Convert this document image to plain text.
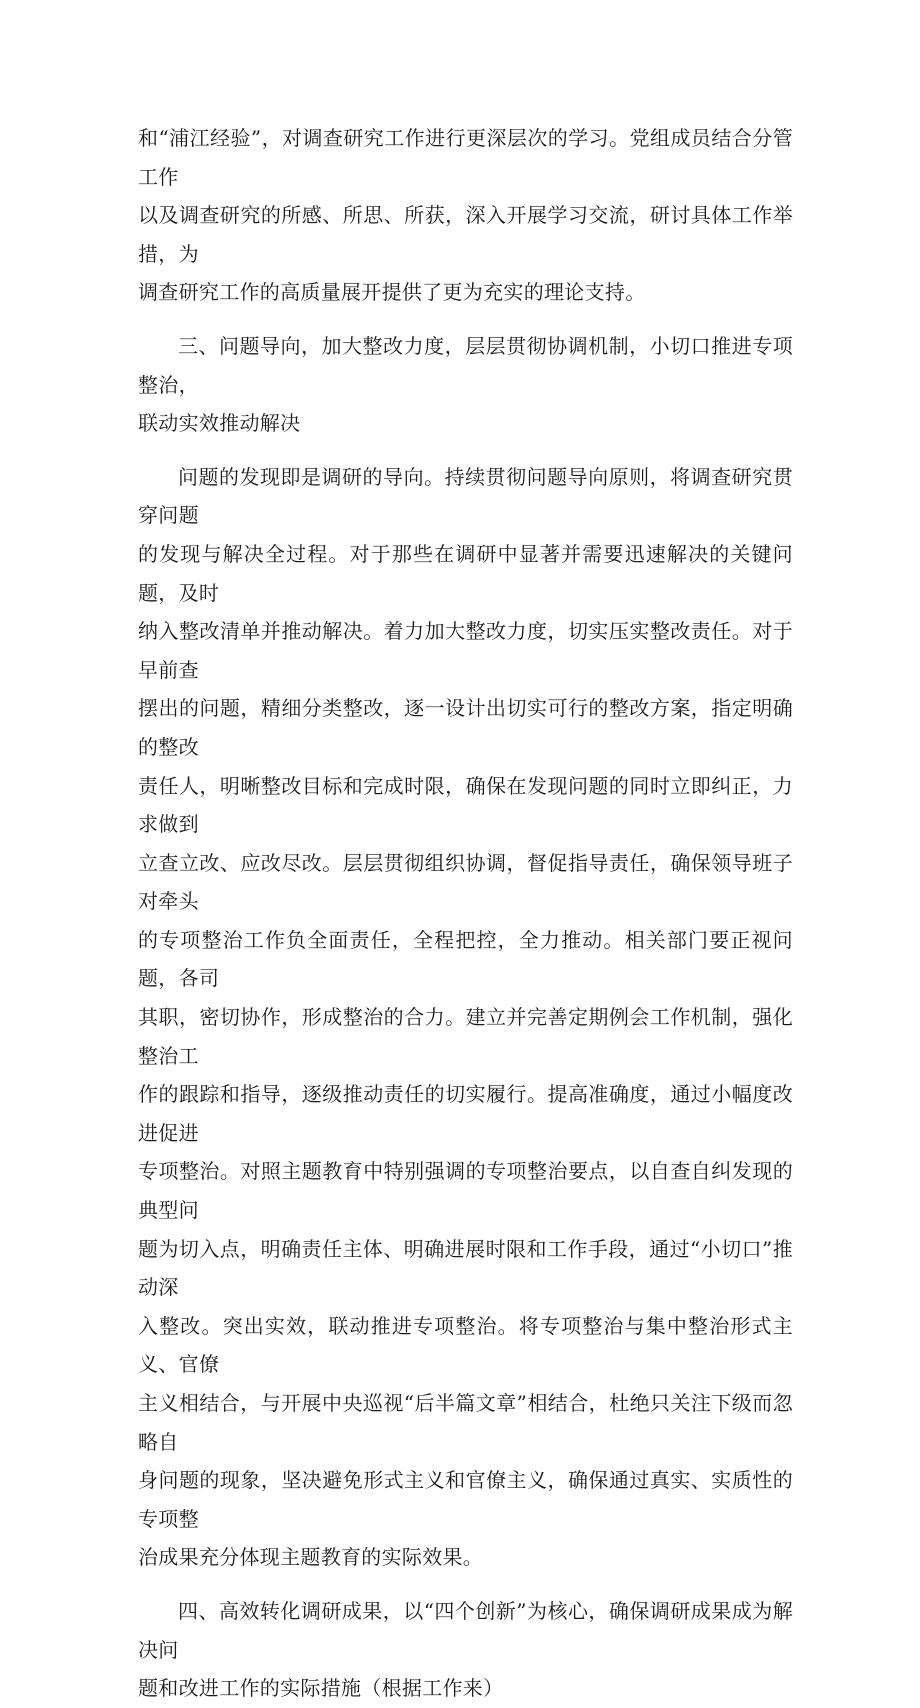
和“浦江经验”，对调查研究工作进行更深层次的学习。党组成员结合分管工作
以及调查研究的所感、所思、所获，深入开展学习交流，研讨具体工作举措，为
调查研究工作的高质量展开提供了更为充实的理论支持。

三、问题导向，加大整改力度，层层贯彻协调机制，小切口推进专项整治，
联动实效推动解决

问题的发现即是调研的导向。持续贯彻问题导向原则，将调查研究贯穿问题
的发现与解决全过程。对于那些在调研中显著并需要迅速解决的关键问题，及时
纳入整改清单并推动解决。着力加大整改力度，切实压实整改责任。对于早前查
摆出的问题，精细分类整改，逐一设计出切实可行的整改方案，指定明确的整改
责任人，明晰整改目标和完成时限，确保在发现问题的同时立即纠正，力求做到
立查立改、应改尽改。层层贯彻组织协调，督促指导责任，确保领导班子对牵头
的专项整治工作负全面责任，全程把控，全力推动。相关部门要正视问题，各司
其职，密切协作，形成整治的合力。建立并完善定期例会工作机制，强化整治工
作的跟踪和指导，逐级推动责任的切实履行。提高准确度，通过小幅度改进促进
专项整治。对照主题教育中特别强调的专项整治要点，以自查自纠发现的典型问
题为切入点，明确责任主体、明确进展时限和工作手段，通过“小切口”推动深
入整改。突出实效，联动推进专项整治。将专项整治与集中整治形式主义、官僚
主义相结合，与开展中央巡视“后半篇文章”相结合，杜绝只关注下级而忽略自
身问题的现象，坚决避免形式主义和官僚主义，确保通过真实、实质性的专项整
治成果充分体现主题教育的实际效果。

四、高效转化调研成果，以“四个创新”为核心，确保调研成果成为解决问
题和改进工作的实际措施（根据工作来）
